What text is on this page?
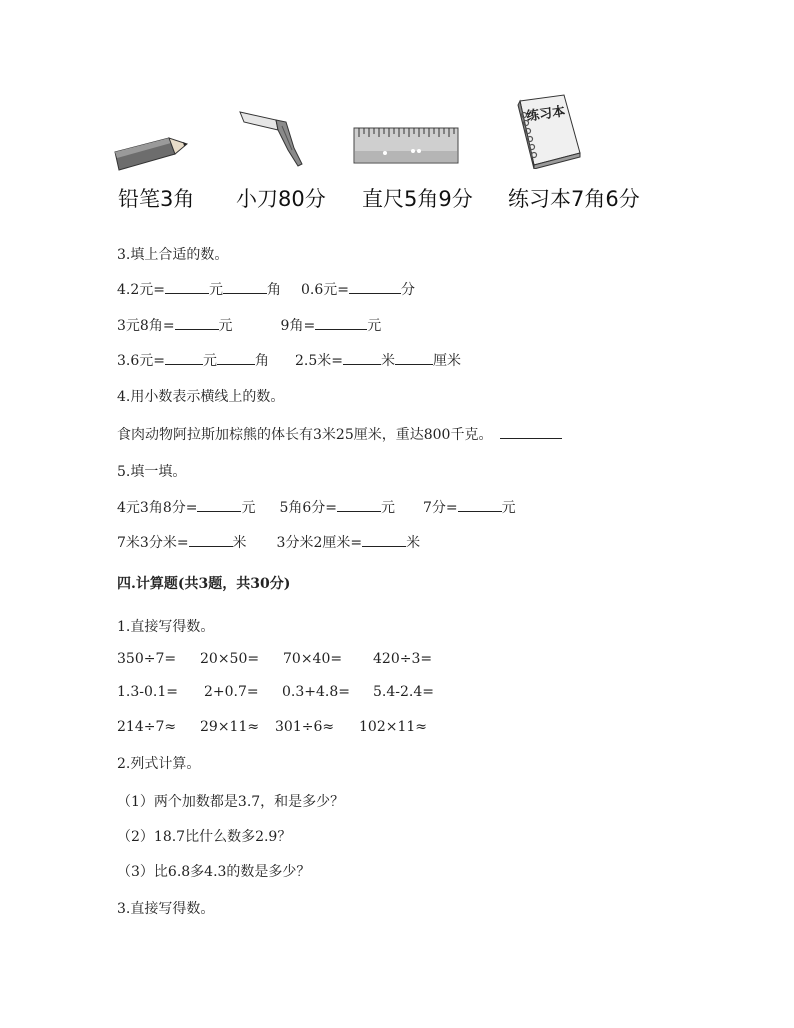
练习本
铅笔3角 小刀80分 直尺5角9分 练习本7角6分
3.填上合适的数。
4.2元=	元	角 0.6元=	分
3元8角=	元	9角=	元
3.6元=	元	角 2.5米=	米	厘米
4.用小数表示横线上的数。
食肉动物阿拉斯加棕熊的体长有3米25厘米，重达800千克。
5.填一填。
4元3角8分=	元 5角6分=	元 7分=	元
7米3分米=	米 3分米2厘米=	米
四.计算题(共3题，共30分)
1.直接写得数。
350÷7= 20×50= 70×40= 420÷3=
1.3-0.1= 2+0.7= 0.3+4.8= 5.4-2.4=
214÷7≈ 29×11≈ 301÷6≈ 102×11≈
2.列式计算。
（1）两个加数都是3.7，和是多少？
（2）18.7比什么数多2.9？
（3）比6.8多4.3的数是多少？
3.直接写得数。
